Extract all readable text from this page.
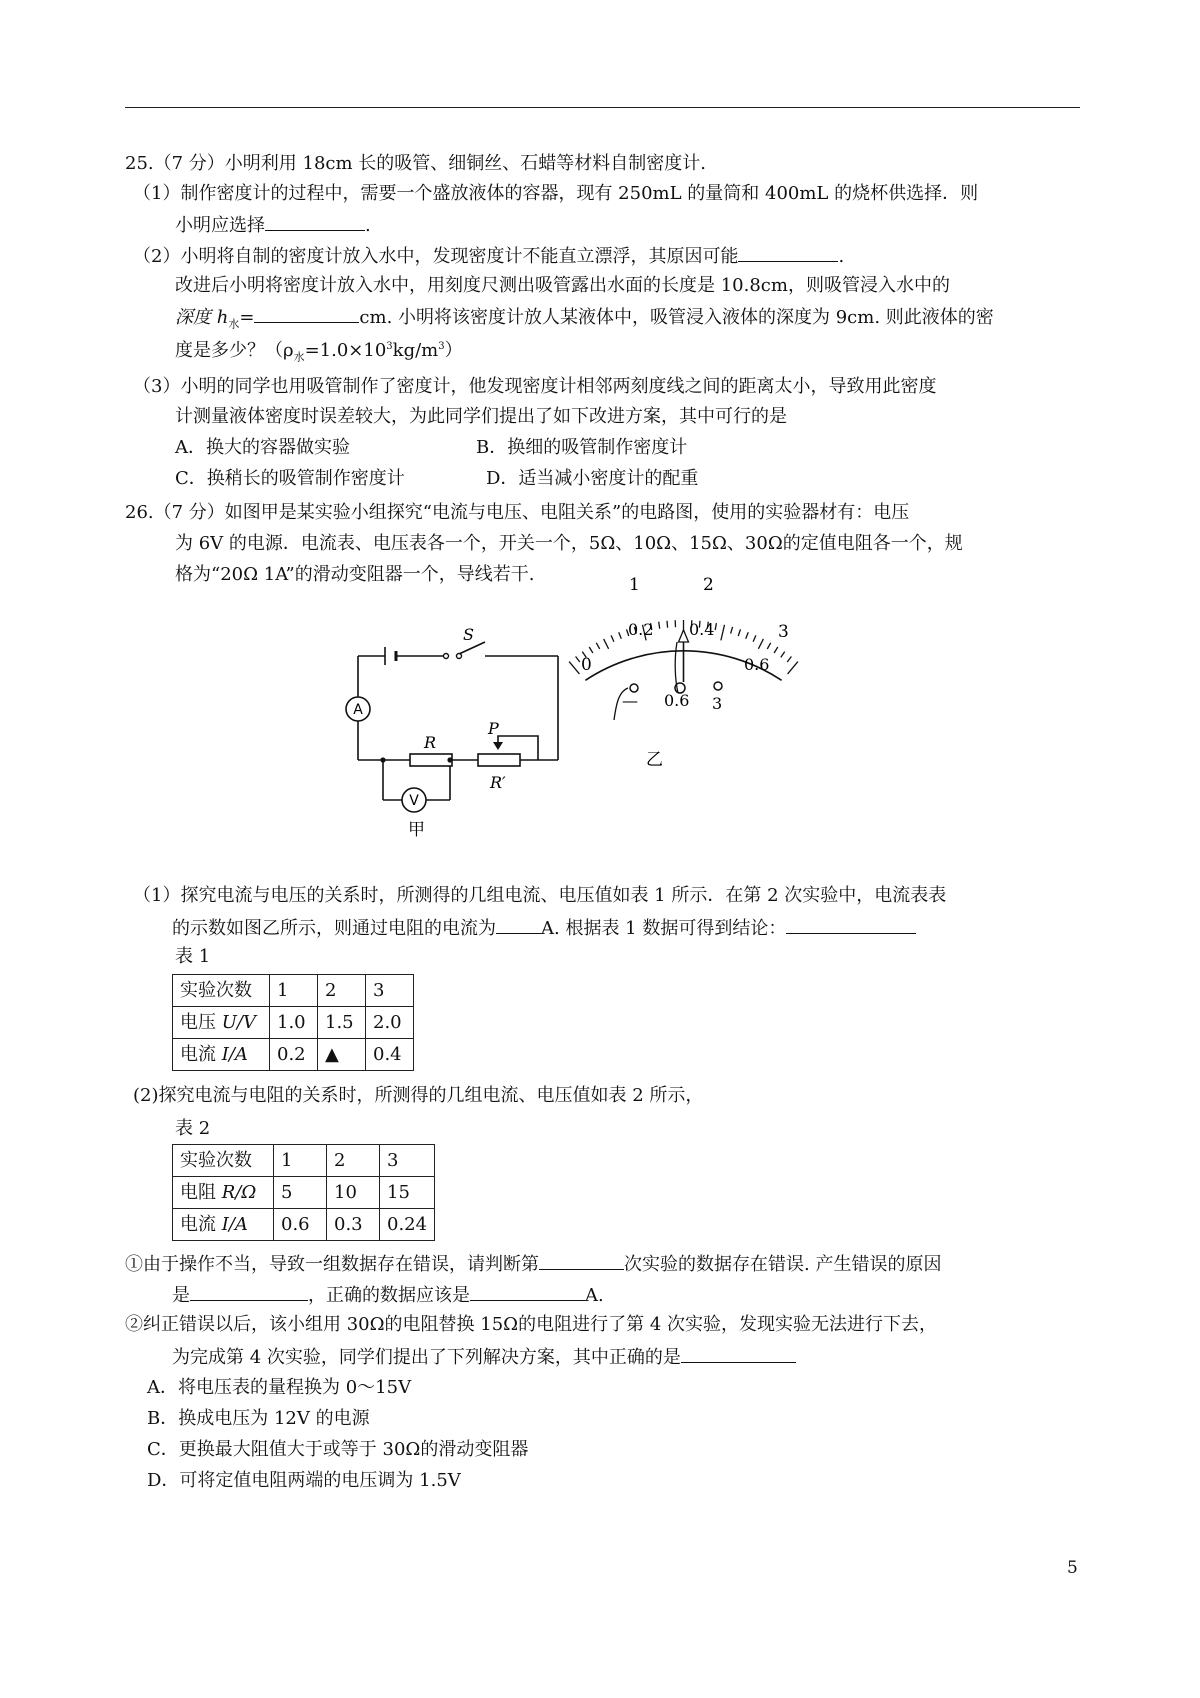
25.（7 分）小明利用 18cm 长的吸管、细铜丝、石蜡等材料自制密度计.
（1）制作密度计的过程中，需要一个盛放液体的容器，现有 250mL 的量筒和 400mL 的烧杯供选择．则
小明应选择	.
（2）小明将自制的密度计放入水中，发现密度计不能直立漂浮，其原因可能	.
改进后小明将密度计放入水中，用刻度尺测出吸管露出水面的长度是 10.8cm，则吸管浸入水中的
深度 $h_水=$	cm. 小明将该密度计放人某液体中，吸管浸入液体的深度为 9cm. 则此液体的密
度是多少？$(\rho_水=1.0\times 10^3kg/m^3)$
（3）小明的同学也用吸管制作了密度计，他发现密度计相邻两刻度线之间的距离太小，导致用此密度
计测量液体密度时误差较大，为此同学们提出了如下改进方案，其中可行的是
A．换大的容器做实验	B．换细的吸管制作密度计
C．换稍长的吸管制作密度计	D．适当减小密度计的配重
26.（7 分）如图甲是某实验小组探究“电流与电压、电阻关系”的电路图，使用的实验器材有：电压
为 6V 的电源．电流表、电压表各一个，开关一个，5Ω、10Ω、15Ω、30Ω的定值电阻各一个，规
格为“20Ω 1A”的滑动变阻器一个，导线若干.
S
A
R
P
R′
V
甲
1	2
3
0
0.2 0.4
0.6
— 0.6 3
乙
（1）探究电流与电压的关系时，所测得的几组电流、电压值如表 1 所示．在第 2 次实验中，电流表表
的示数如图乙所示，则通过电阻的电流为	A. 根据表 1 数据可得到结论：
表 1
实验次数	1	2	3
电压 U/V	1.0	1.5	2.0
电流 I/A	0.2	▲	0.4
(2)探究电流与电阻的关系时，所测得的几组电流、电压值如表 2 所示，
表 2
实验次数	1	2	3
电阻 R/Ω	5	10	15
电流 I/A	0.6	0.3	0.24
①由于操作不当，导致一组数据存在错误，请判断第	次实验的数据存在错误. 产生错误的原因
是	，正确的数据应该是	A.
②纠正错误以后，该小组用 30Ω的电阻替换 15Ω的电阻进行了第 4 次实验，发现实验无法进行下去，
为完成第 4 次实验，同学们提出了下列解决方案，其中正确的是
A．将电压表的量程换为 0～15V
B．换成电压为 12V 的电源
C．更换最大阻值大于或等于 30Ω的滑动变阻器
D．可将定值电阻两端的电压调为 1.5V
5
